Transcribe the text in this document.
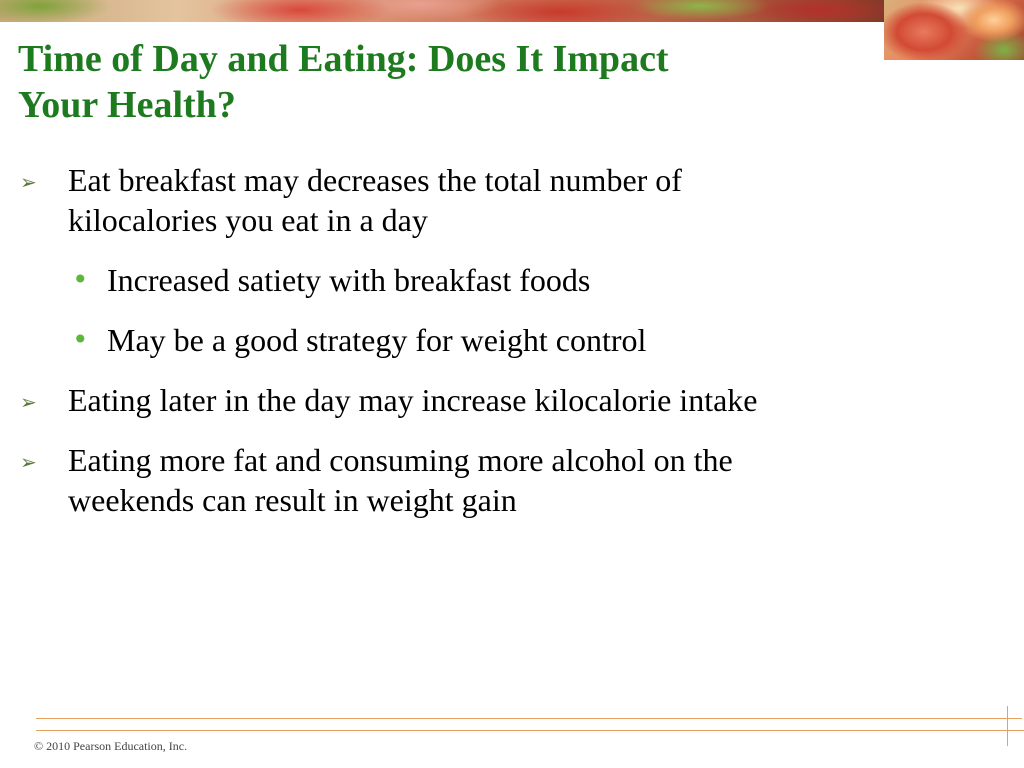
Time of Day and Eating: Does It Impact
Your Health?
➢ Eat breakfast may decreases the total number of
kilocalories you eat in a day
• Increased satiety with breakfast foods
• May be a good strategy for weight control
➢ Eating later in the day may increase kilocalorie intake
➢ Eating more fat and consuming more alcohol on the
weekends can result in weight gain
© 2010 Pearson Education, Inc.
